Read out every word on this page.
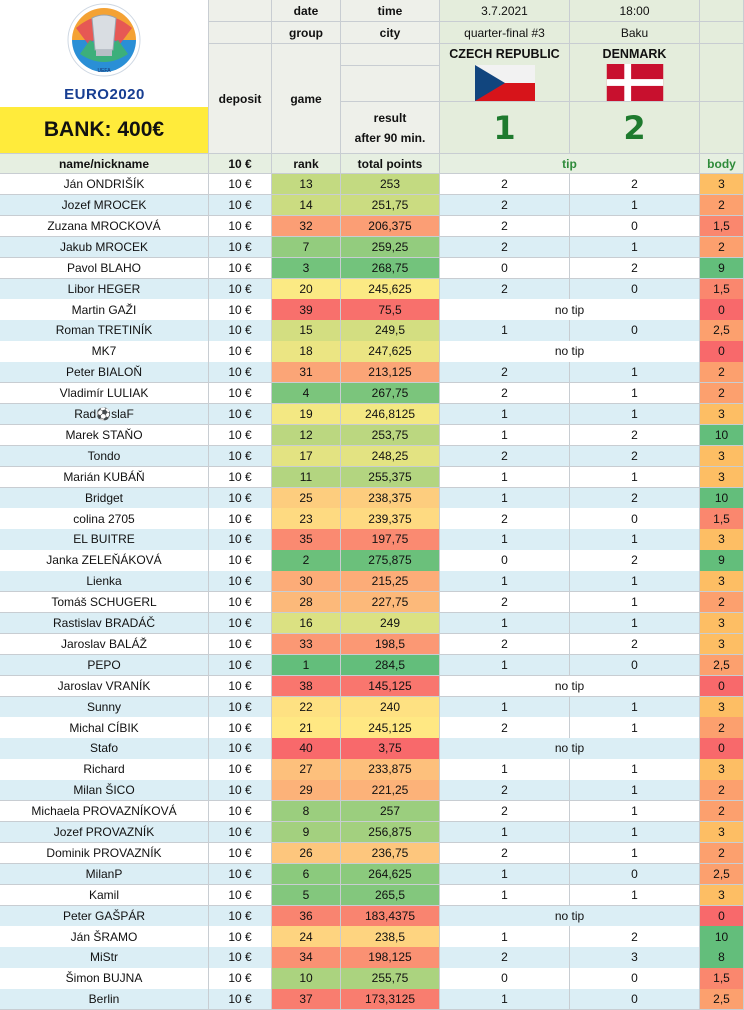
UEFA
EURO2020
BANK: 400€
date	time	3.7.2021	18:00
group	city	quarter-final #3	Baku
deposit	game
result
after 90 min.
CZECH REPUBLIC	DENMARK
1	2
name/nickname	10 €	rank	total points	tip	body
Ján ONDRIŠÍK	10 €	13	253	2	2	3
Jozef MROCEK	10 €	14	251,75	2	1	2
Zuzana MROCKOVÁ	10 €	32	206,375	2	0	1,5
Jakub MROCEK	10 €	7	259,25	2	1	2
Pavol BLAHO	10 €	3	268,75	0	2	9
Libor HEGER	10 €	20	245,625	2	0	1,5
Martin GAŽI	10 €	39	75,5	no tip	0
Roman TRETINÍK	10 €	15	249,5	1	0	2,5
MK7	10 €	18	247,625	no tip	0
Peter BIALOŇ	10 €	31	213,125	2	1	2
Vladimír LULIAK	10 €	4	267,75	2	1	2
Rad⚽slaF	10 €	19	246,8125	1	1	3
Marek STAŇO	10 €	12	253,75	1	2	10
Tondo	10 €	17	248,25	2	2	3
Marián KUBÁŇ	10 €	11	255,375	1	1	3
Bridget	10 €	25	238,375	1	2	10
colina 2705	10 €	23	239,375	2	0	1,5
EL BUITRE	10 €	35	197,75	1	1	3
Janka ZELEŇÁKOVÁ	10 €	2	275,875	0	2	9
Lienka	10 €	30	215,25	1	1	3
Tomáš SCHUGERL	10 €	28	227,75	2	1	2
Rastislav BRADÁČ	10 €	16	249	1	1	3
Jaroslav BALÁŽ	10 €	33	198,5	2	2	3
PEPO	10 €	1	284,5	1	0	2,5
Jaroslav VRANÍK	10 €	38	145,125	no tip	0
Sunny	10 €	22	240	1	1	3
Michal CÍBIK	10 €	21	245,125	2	1	2
Stafo	10 €	40	3,75	no tip	0
Richard	10 €	27	233,875	1	1	3
Milan ŠICO	10 €	29	221,25	2	1	2
Michaela PROVAZNÍKOVÁ	10 €	8	257	2	1	2
Jozef PROVAZNÍK	10 €	9	256,875	1	1	3
Dominik PROVAZNÍK	10 €	26	236,75	2	1	2
MilanP	10 €	6	264,625	1	0	2,5
Kamil	10 €	5	265,5	1	1	3
Peter GAŠPÁR	10 €	36	183,4375	no tip	0
Ján ŠRAMO	10 €	24	238,5	1	2	10
MiStr	10 €	34	198,125	2	3	8
Šimon BUJNA	10 €	10	255,75	0	0	1,5
Berlin	10 €	37	173,3125	1	0	2,5
